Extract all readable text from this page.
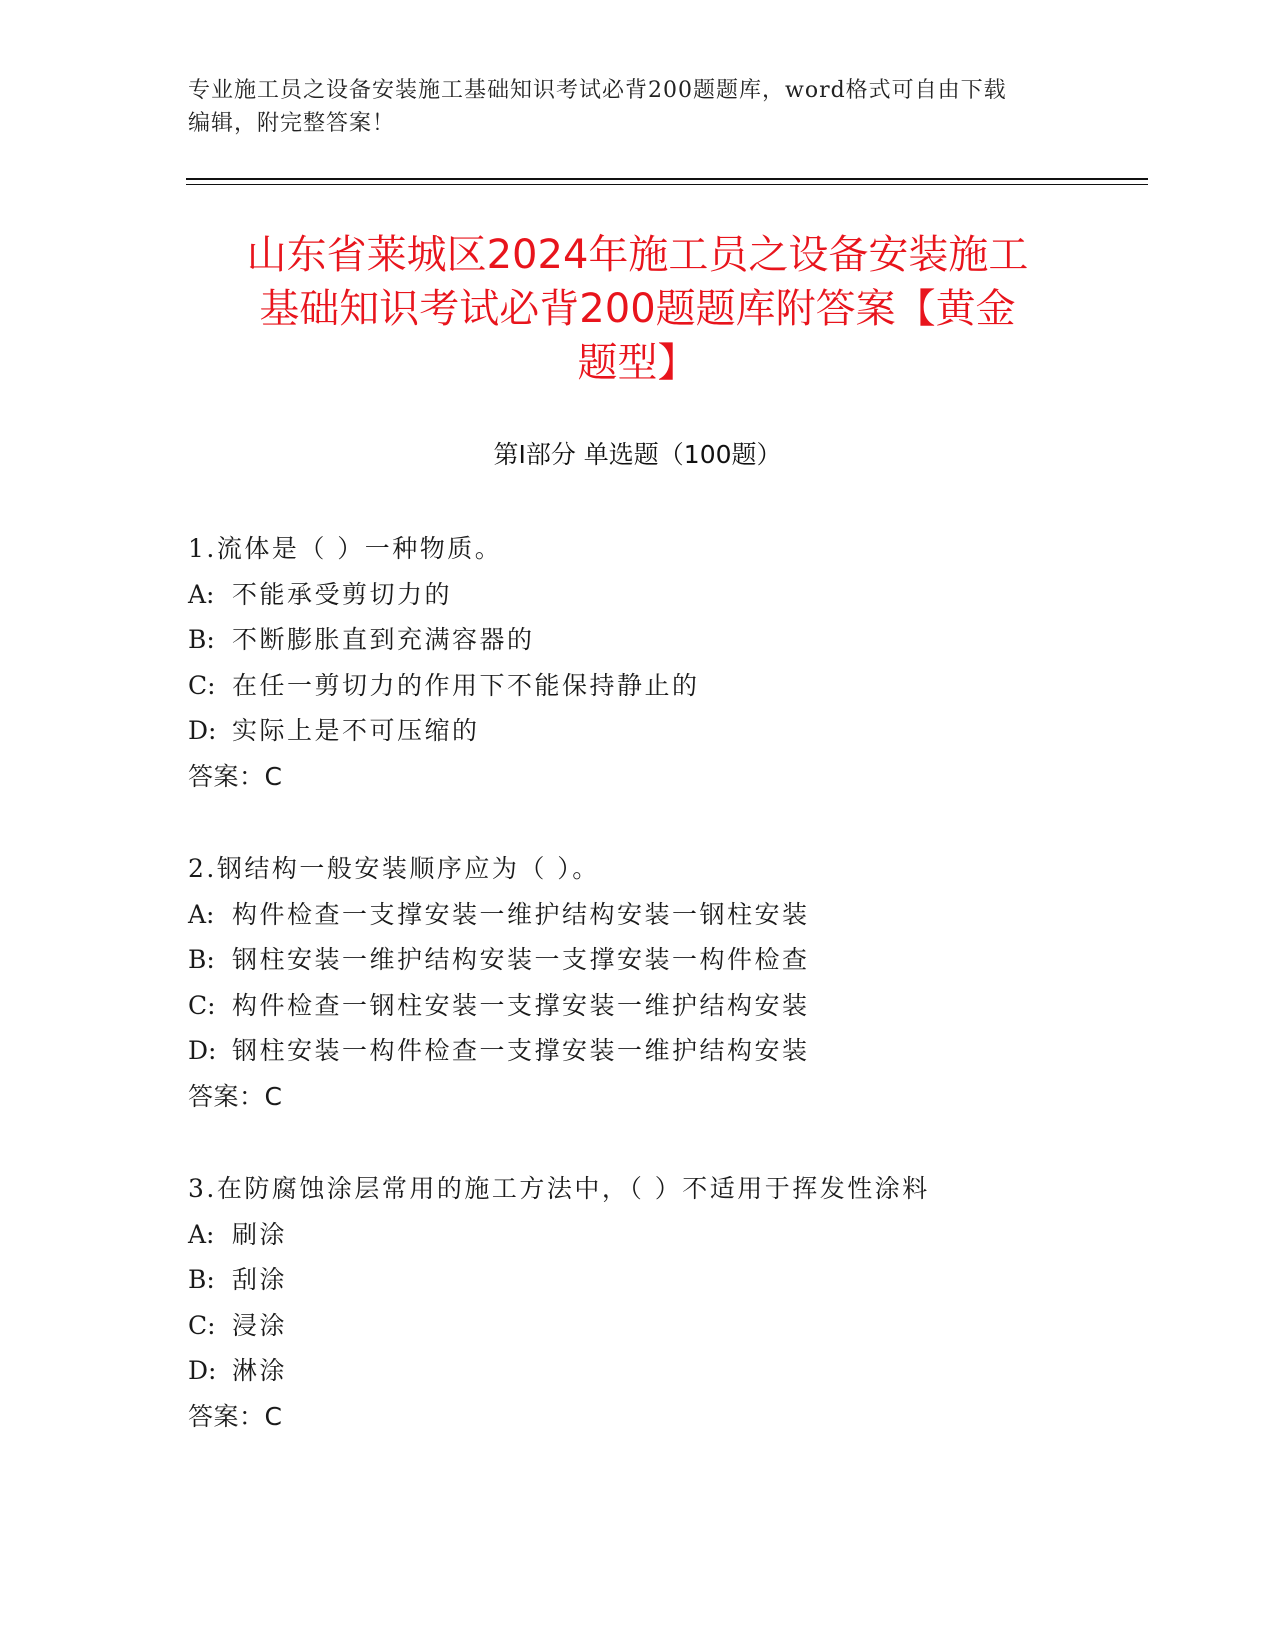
专业施工员之设备安装施工基础知识考试必背200题题库，word格式可自由下载
编辑，附完整答案！
山东省莱城区2024年施工员之设备安装施工
基础知识考试必背200题题库附答案【黄金
题型】
第I部分 单选题（100题）
1.流体是（ ）一种物质。
A: 不能承受剪切力的
B: 不断膨胀直到充满容器的
C: 在任一剪切力的作用下不能保持静止的
D: 实际上是不可压缩的
答案：C
2.钢结构一般安装顺序应为（ ）。
A: 构件检查一支撑安装一维护结构安装一钢柱安装
B: 钢柱安装一维护结构安装一支撑安装一构件检查
C: 构件检查一钢柱安装一支撑安装一维护结构安装
D: 钢柱安装一构件检查一支撑安装一维护结构安装
答案：C
3.在防腐蚀涂层常用的施工方法中，（ ）不适用于挥发性涂料
A: 刷涂
B: 刮涂
C: 浸涂
D: 淋涂
答案：C
